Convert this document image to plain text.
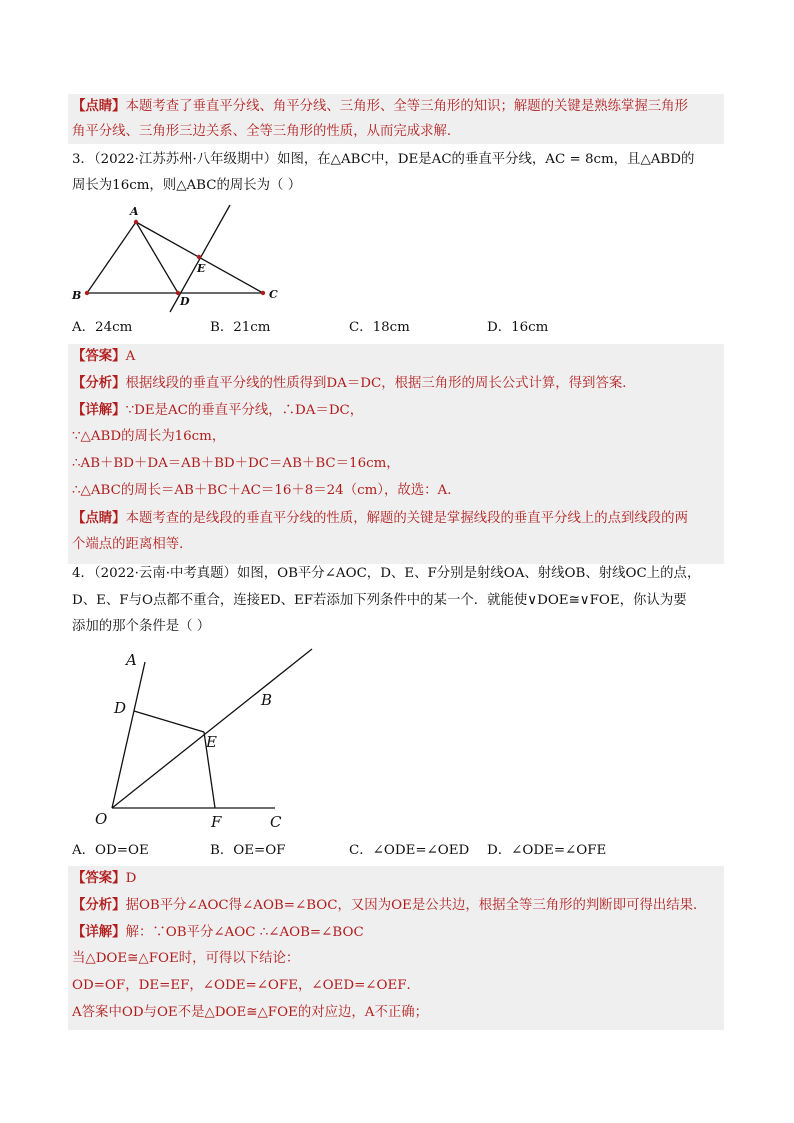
【点睛】本题考查了垂直平分线、角平分线、三角形、全等三角形的知识；解题的关键是熟练掌握三角形
角平分线、三角形三边关系、全等三角形的性质，从而完成求解．
3．（2022·江苏苏州·八年级期中）如图，在△ABC中，DE是AC的垂直平分线，AC = 8cm，且△ABD的
周长为16cm，则△ABC的周长为（ ）
A
B	C
D
E
A．24cm	B．21cm	C．18cm	D．16cm
【答案】A
【分析】根据线段的垂直平分线的性质得到DA＝DC，根据三角形的周长公式计算，得到答案．
【详解】∵DE是AC的垂直平分线，∴DA＝DC，
∵△ABD的周长为16cm，
∴AB＋BD＋DA＝AB＋BD＋DC＝AB＋BC＝16cm，
∴△ABC的周长＝AB＋BC＋AC＝16＋8＝24（cm），故选：A．
【点睛】本题考查的是线段的垂直平分线的性质，解题的关键是掌握线段的垂直平分线上的点到线段的两
个端点的距离相等．
4．（2022·云南·中考真题）如图，OB平分∠AOC，D、E、F分别是射线OA、射线OB、射线OC上的点，
D、E、F与O点都不重合，连接ED、EF若添加下列条件中的某一个．就能使∨DOE≅∨FOE，你认为要
添加的那个条件是（ ）
A
B
C
D
E
F
O
A．OD=OE	B．OE=OF	C．∠ODE=∠OED D．∠ODE=∠OFE
【答案】D
【分析】据OB平分∠AOC得∠AOB=∠BOC，又因为OE是公共边，根据全等三角形的判断即可得出结果．
【详解】解：∵OB平分∠AOC ∴∠AOB=∠BOC
当△DOE≅△FOE时，可得以下结论：
OD=OF，DE=EF，∠ODE=∠OFE，∠OED=∠OEF．
A答案中OD与OE不是△DOE≅△FOE的对应边，A不正确；
